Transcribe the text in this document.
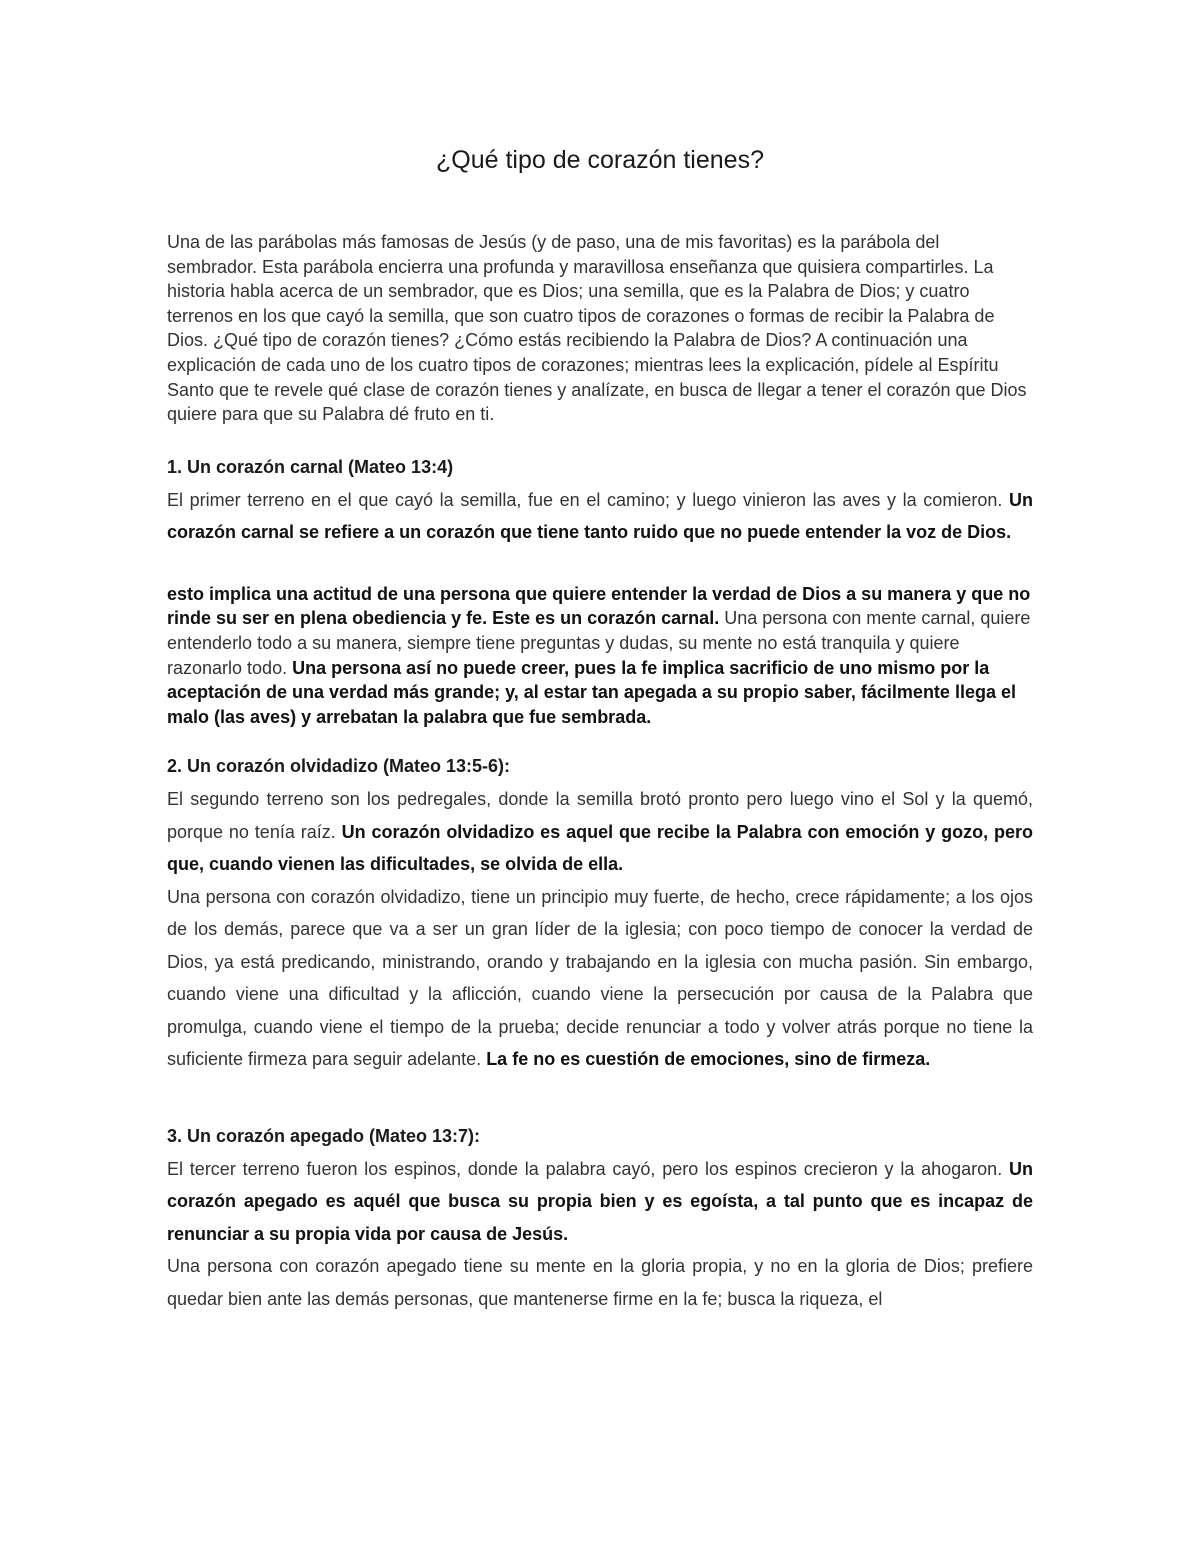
¿Qué tipo de corazón tienes?

Una de las parábolas más famosas de Jesús (y de paso, una de mis favoritas) es la parábola del sembrador. Esta parábola encierra una profunda y maravillosa enseñanza que quisiera compartirles. La historia habla acerca de un sembrador, que es Dios; una semilla, que es la Palabra de Dios; y cuatro terrenos en los que cayó la semilla, que son cuatro tipos de corazones o formas de recibir la Palabra de Dios. ¿Qué tipo de corazón tienes? ¿Cómo estás recibiendo la Palabra de Dios? A continuación una explicación de cada uno de los cuatro tipos de corazones; mientras lees la explicación, pídele al Espíritu Santo que te revele qué clase de corazón tienes y analízate, en busca de llegar a tener el corazón que Dios quiere para que su Palabra dé fruto en ti.

1. Un corazón carnal (Mateo 13:4)

El primer terreno en el que cayó la semilla, fue en el camino; y luego vinieron las aves y la comieron. Un corazón carnal se refiere a un corazón que tiene tanto ruido que no puede entender la voz de Dios.

esto implica una actitud de una persona que quiere entender la verdad de Dios a su manera y que no rinde su ser en plena obediencia y fe. Este es un corazón carnal. Una persona con mente carnal, quiere entenderlo todo a su manera, siempre tiene preguntas y dudas, su mente no está tranquila y quiere razonarlo todo. Una persona así no puede creer, pues la fe implica sacrificio de uno mismo por la aceptación de una verdad más grande; y, al estar tan apegada a su propio saber, fácilmente llega el malo (las aves) y arrebatan la palabra que fue sembrada.

2. Un corazón olvidadizo (Mateo 13:5-6):

El segundo terreno son los pedregales, donde la semilla brotó pronto pero luego vino el Sol y la quemó, porque no tenía raíz. Un corazón olvidadizo es aquel que recibe la Palabra con emoción y gozo, pero que, cuando vienen las dificultades, se olvida de ella.

Una persona con corazón olvidadizo, tiene un principio muy fuerte, de hecho, crece rápidamente; a los ojos de los demás, parece que va a ser un gran líder de la iglesia; con poco tiempo de conocer la verdad de Dios, ya está predicando, ministrando, orando y trabajando en la iglesia con mucha pasión. Sin embargo, cuando viene una dificultad y la aflicción, cuando viene la persecución por causa de la Palabra que promulga, cuando viene el tiempo de la prueba; decide renunciar a todo y volver atrás porque no tiene la suficiente firmeza para seguir adelante. La fe no es cuestión de emociones, sino de firmeza.

3. Un corazón apegado (Mateo 13:7):

El tercer terreno fueron los espinos, donde la palabra cayó, pero los espinos crecieron y la ahogaron. Un corazón apegado es aquél que busca su propia bien y es egoísta, a tal punto que es incapaz de renunciar a su propia vida por causa de Jesús.

Una persona con corazón apegado tiene su mente en la gloria propia, y no en la gloria de Dios; prefiere quedar bien ante las demás personas, que mantenerse firme en la fe; busca la riqueza, el
